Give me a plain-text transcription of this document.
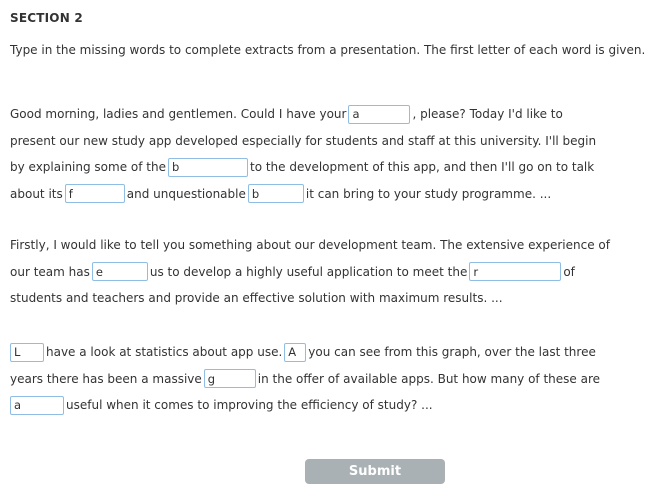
SECTION 2
Type in the missing words to complete extracts from a presentation. The first letter of each word is given.
Good morning, ladies and gentlemen. Could I have your
a	, please? Today I'd like to
present our new study app developed especially for students and staff at this university. I'll begin
by explaining some of the
b	to the development of this app, and then I'll go on to talk
about its
f	and unquestionable
b	it can bring to your study programme. ...
Firstly, I would like to tell you something about our development team. The extensive experience of
our team has
e	us to develop a highly useful application to meet the
r	of
students and teachers and provide an effective solution with maximum results. ...
L
have a look at statistics about app use.
A you can see from this graph, over the last three
years there has been a massive
g	in the offer of available apps. But how many of these are
a
useful when it comes to improving the efficiency of study? ...
Submit
